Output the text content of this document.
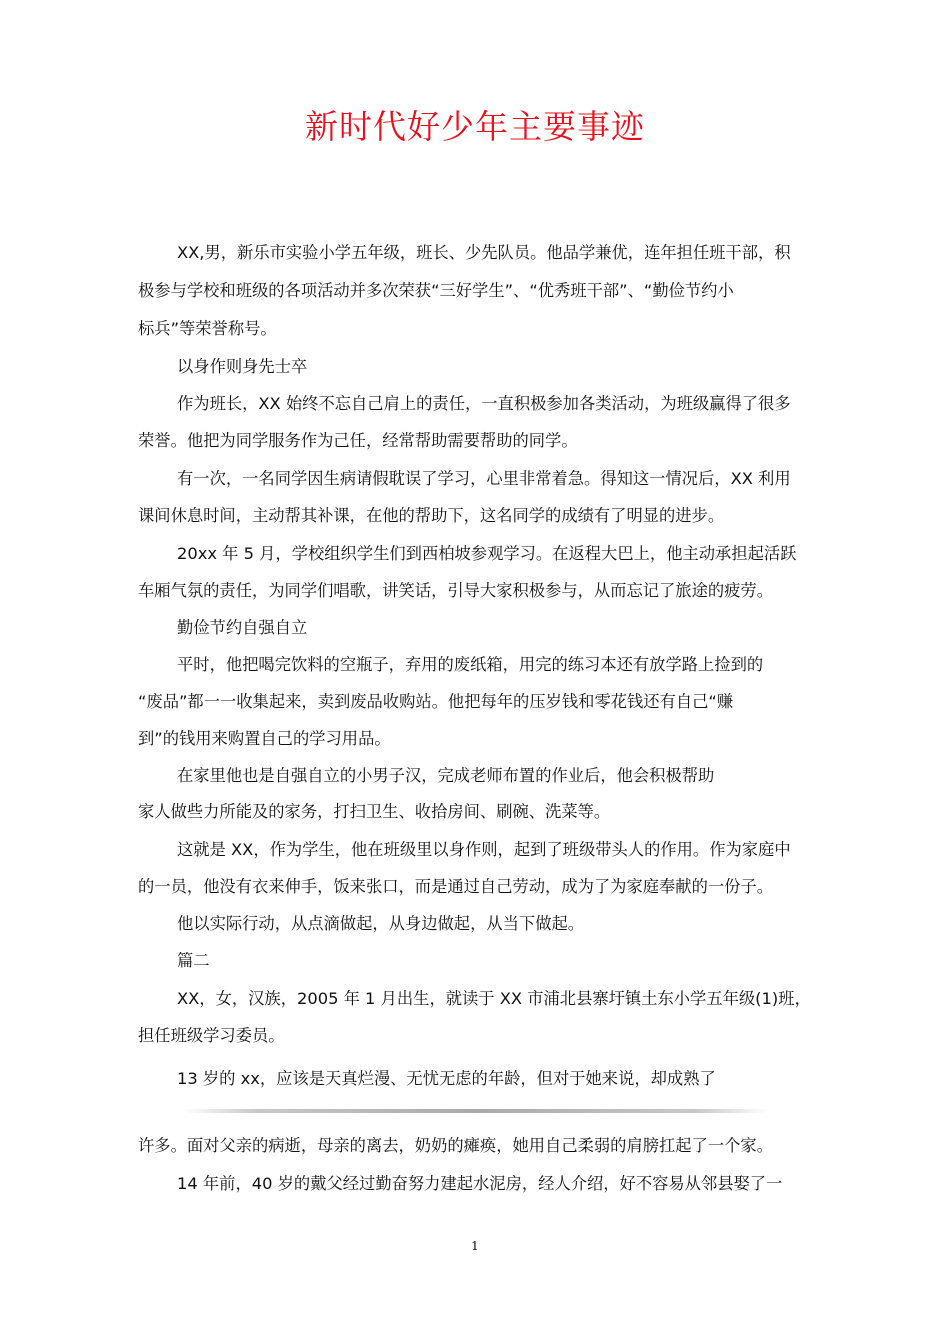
新时代好少年主要事迹
XX,男，新乐市实验小学五年级，班长、少先队员。他品学兼优，连年担任班干部，积
极参与学校和班级的各项活动并多次荣获“三好学生”、“优秀班干部”、“勤俭节约小
标兵”等荣誉称号。
以身作则身先士卒
作为班长，XX 始终不忘自己肩上的责任，一直积极参加各类活动，为班级赢得了很多
荣誉。他把为同学服务作为己任，经常帮助需要帮助的同学。
有一次，一名同学因生病请假耽误了学习，心里非常着急。得知这一情况后，XX 利用
课间休息时间，主动帮其补课，在他的帮助下，这名同学的成绩有了明显的进步。
20xx 年 5 月，学校组织学生们到西柏坡参观学习。在返程大巴上，他主动承担起活跃
车厢气氛的责任，为同学们唱歌，讲笑话，引导大家积极参与，从而忘记了旅途的疲劳。
勤俭节约自强自立
平时，他把喝完饮料的空瓶子，弃用的废纸箱，用完的练习本还有放学路上捡到的
“废品”都一一收集起来，卖到废品收购站。他把每年的压岁钱和零花钱还有自己“赚
到”的钱用来购置自己的学习用品。
在家里他也是自强自立的小男子汉，完成老师布置的作业后，他会积极帮助
家人做些力所能及的家务，打扫卫生、收拾房间、刷碗、洗菜等。
这就是 XX，作为学生，他在班级里以身作则，起到了班级带头人的作用。作为家庭中
的一员，他没有衣来伸手，饭来张口，而是通过自己劳动，成为了为家庭奉献的一份子。
他以实际行动，从点滴做起，从身边做起，从当下做起。
篇二
XX，女，汉族，2005 年 1 月出生，就读于 XX 市浦北县寨圩镇土东小学五年级(1)班，
担任班级学习委员。
13 岁的 xx，应该是天真烂漫、无忧无虑的年龄，但对于她来说，却成熟了
许多。面对父亲的病逝，母亲的离去，奶奶的瘫痪，她用自己柔弱的肩膀扛起了一个家。
14 年前，40 岁的戴父经过勤奋努力建起水泥房，经人介绍，好不容易从邻县娶了一
1
